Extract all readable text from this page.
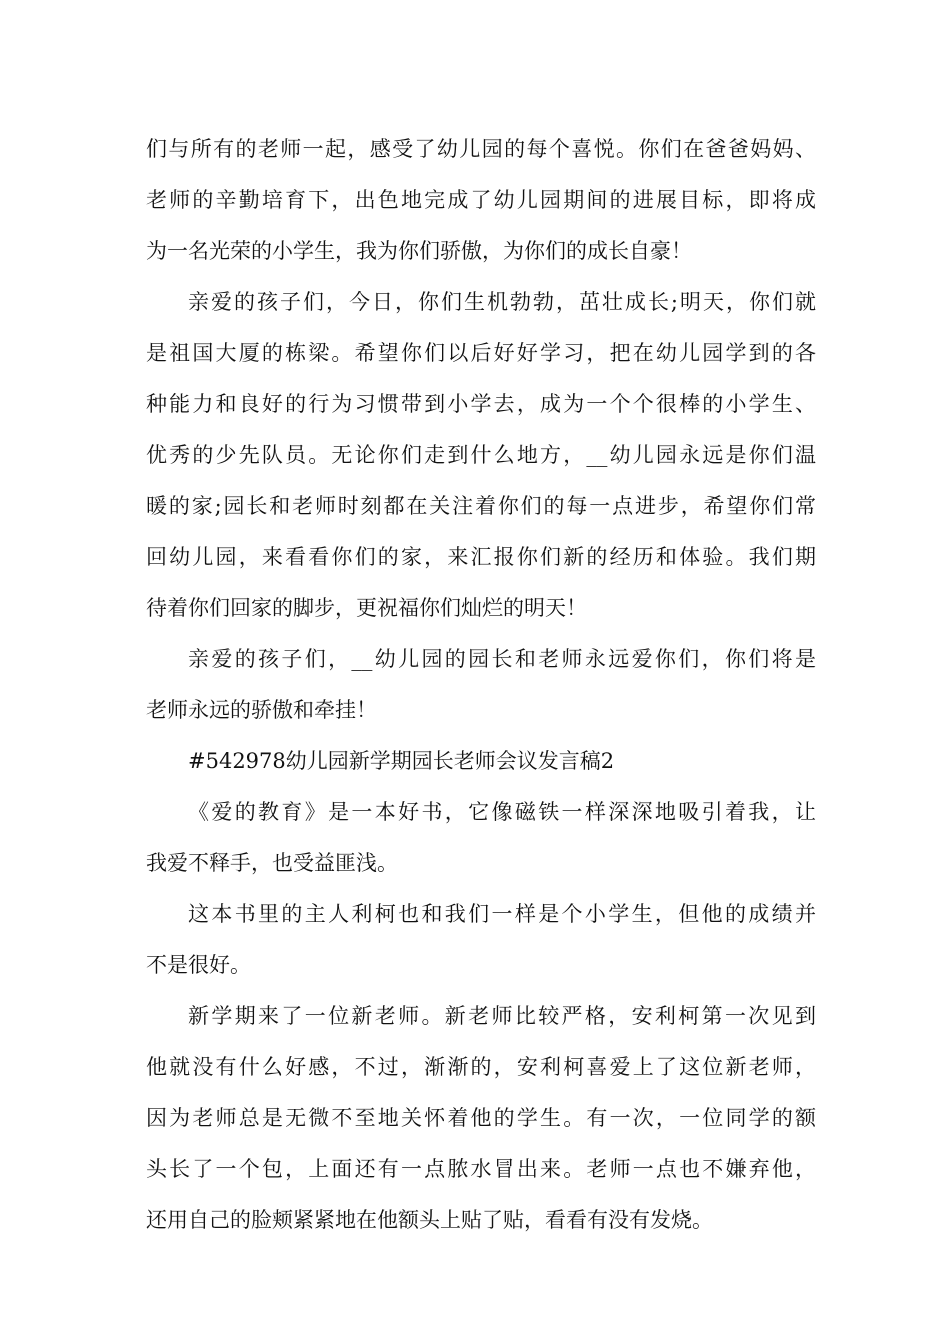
们与所有的老师一起，感受了幼儿园的每个喜悦。你们在爸爸妈妈、
老师的辛勤培育下，出色地完成了幼儿园期间的进展目标，即将成
为一名光荣的小学生，我为你们骄傲，为你们的成长自豪！
亲爱的孩子们，今日，你们生机勃勃，茁壮成长;明天，你们就
是祖国大厦的栋梁。希望你们以后好好学习，把在幼儿园学到的各
种能力和良好的行为习惯带到小学去，成为一个个很棒的小学生、
优秀的少先队员。无论你们走到什么地方，__幼儿园永远是你们温
暖的家;园长和老师时刻都在关注着你们的每一点进步，希望你们常
回幼儿园，来看看你们的家，来汇报你们新的经历和体验。我们期
待着你们回家的脚步，更祝福你们灿烂的明天！
亲爱的孩子们，__幼儿园的园长和老师永远爱你们，你们将是
老师永远的骄傲和牵挂！
#542978幼儿园新学期园长老师会议发言稿2
《爱的教育》是一本好书，它像磁铁一样深深地吸引着我，让
我爱不释手，也受益匪浅。
这本书里的主人利柯也和我们一样是个小学生，但他的成绩并
不是很好。
新学期来了一位新老师。新老师比较严格，安利柯第一次见到
他就没有什么好感，不过，渐渐的，安利柯喜爱上了这位新老师，
因为老师总是无微不至地关怀着他的学生。有一次，一位同学的额
头长了一个包，上面还有一点脓水冒出来。老师一点也不嫌弃他，
还用自己的脸颊紧紧地在他额头上贴了贴，看看有没有发烧。
